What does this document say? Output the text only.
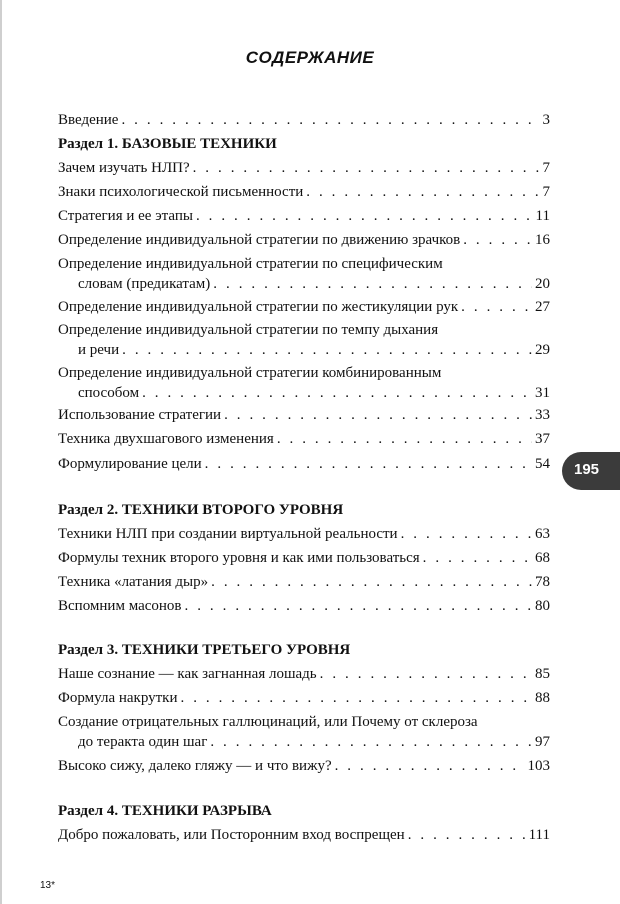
СОДЕРЖАНИЕ
Введение . . .	3
Раздел 1. БАЗОВЫЕ ТЕХНИКИ
Зачем изучать НЛП? . . .	7
Знаки психологической письменности . . .	7
Стратегия и ее этапы . . .	11
Определение индивидуальной стратегии по движению зрачков . . .	16
Определение индивидуальной стратегии по специфическим
словам (предикатам) . . .	20
Определение индивидуальной стратегии по жестикуляции рук . . .	27
Определение индивидуальной стратегии по темпу дыхания
и речи . . .	29
Определение индивидуальной стратегии комбинированным
способом . . .	31
Использование стратегии . . .	33
Техника двухшагового изменения . . .	37
Формулирование цели . . .	54
Раздел 2. ТЕХНИКИ ВТОРОГО УРОВНЯ
Техники НЛП при создании виртуальной реальности . . .	63
Формулы техник второго уровня и как ими пользоваться . . .	68
Техника «латания дыр» . . .	78
Вспомним масонов . . .	80
Раздел 3. ТЕХНИКИ ТРЕТЬЕГО УРОВНЯ
Наше сознание — как загнанная лошадь . . .	85
Формула накрутки . . .	88
Создание отрицательных галлюцинаций, или Почему от склероза
до теракта один шаг . . .	97
Высоко сижу, далеко гляжу — и что вижу? . . .	103
Раздел 4. ТЕХНИКИ РАЗРЫВА
Добро пожаловать, или Посторонним вход воспрещен . . .	111
195
13*
